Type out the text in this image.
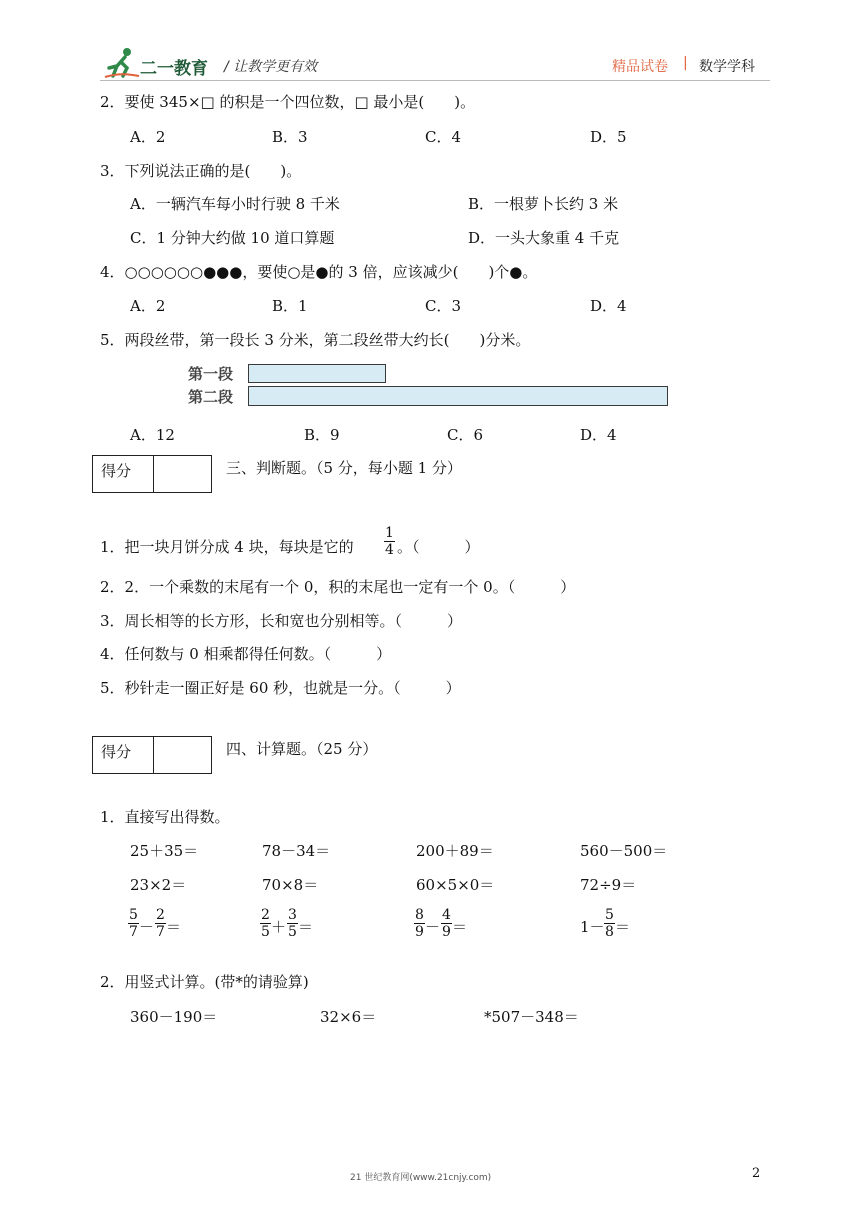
二一教育 / 让教学更有效	精品试卷 | 数学学科
2．要使 345×□ 的积是一个四位数，□ 最小是(　　)。
A．2	B．3	C．4	D．5
3．下列说法正确的是(　　)。
A．一辆汽车每小时行驶 8 千米	B．一根萝卜长约 3 米
C．1 分钟大约做 10 道口算题	D．一头大象重 4 千克
4．○○○○○○●●●，要使○是●的 3 倍，应该减少(　　)个●。
A．2	B．1	C．3	D．4
5．两段丝带，第一段长 3 分米，第二段丝带大约长(　　)分米。
第一段
第二段
A．12	B．9	C．6	D．4
得分	三、判断题。（5 分，每小题 1 分）
1．把一块月饼分成 4 块，每块是它的 $\frac{1}{4}$ 。（　　　）
2．2．一个乘数的末尾有一个 0，积的末尾也一定有一个 0。（　　　）
3．周长相等的长方形，长和宽也分别相等。（　　　）
4．任何数与 0 相乘都得任何数。（　　　）
5．秒针走一圈正好是 60 秒，也就是一分。（　　　）
得分	四、计算题。（25 分）
1．直接写出得数。
25＋35＝	78－34＝	200＋89＝	560－500＝
23×2＝	70×8＝	60×5×0＝	72÷9＝
$\frac{5}{7} - \frac{2}{7}$ ＝	$\frac{2}{5} + \frac{3}{5}$ ＝	$\frac{8}{9} - \frac{4}{9}$ ＝	$1- \frac{5}{8}$ ＝
2．用竖式计算。(带*的请验算)
360－190＝	32×6＝	*507－348＝
21 世纪教育网(www.21cnjy.com)	2
